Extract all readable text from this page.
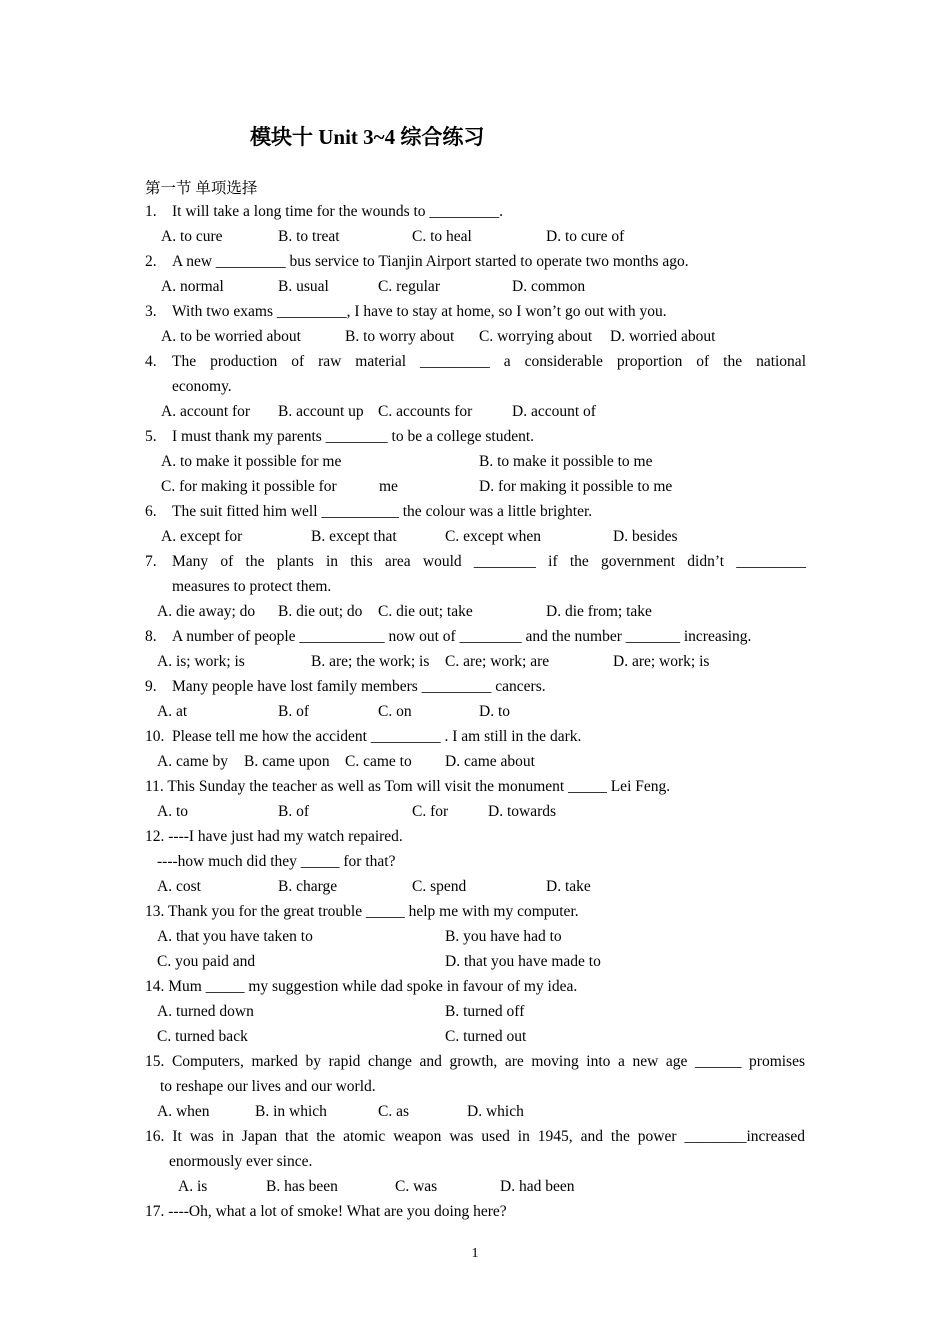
模块十 Unit 3~4 综合练习
第一节 单项选择
1. It will take a long time for the wounds to _________.
A. to cure	B. to treat	C. to heal	D. to cure of
2. A new _________ bus service to Tianjin Airport started to operate two months ago.
A. normal	B. usual	C. regular	D. common
3. With two exams _________, I have to stay at home, so I won’t go out with you.
A. to be worried about	B. to worry about C. worrying about D. worried about
4. The production of raw material _________ a considerable proportion of the national
economy.
A. account for B. account up C. accounts for	D. account of
5. I must thank my parents ________ to be a college student.
A. to make it possible for me	B. to make it possible to me
C. for making it possible for	me	D. for making it possible to me
6. The suit fitted him well __________ the colour was a little brighter.
A. except for	B. except that	C. except when	D. besides
7. Many of the plants in this area would ________ if the government didn’t _________
measures to protect them.
A. die away; do B. die out; do C. die out; take	D. die from; take
8. A number of people ___________ now out of ________ and the number _______ increasing.
A. is; work; is	B. are; the work; is C. are; work; are	D. are; work; is
9. Many people have lost family members _________ cancers.
A. at	B. of	C. on	D. to
10. Please tell me how the accident _________ . I am still in the dark.
A. came by B. came upon C. came to D. came about
11. This Sunday the teacher as well as Tom will visit the monument _____ Lei Feng.
A. to	B. of	C. for	D. towards
12. ----I have just had my watch repaired.
----how much did they _____ for that?
A. cost	B. charge	C. spend	D. take
13. Thank you for the great trouble _____ help me with my computer.
A. that you have taken to	B. you have had to
C. you paid and	D. that you have made to
14. Mum _____ my suggestion while dad spoke in favour of my idea.
A. turned down	B. turned off
C. turned back	C. turned out
15. Computers, marked by rapid change and growth, are moving into a new age ______ promises
to reshape our lives and our world.
A. when	B. in which	C. as	D. which
16. It was in Japan that the atomic weapon was used in 1945, and the power ________increased
enormously ever since.
A. is	B. has been	C. was	D. had been
17. ----Oh, what a lot of smoke! What are you doing here?
1
